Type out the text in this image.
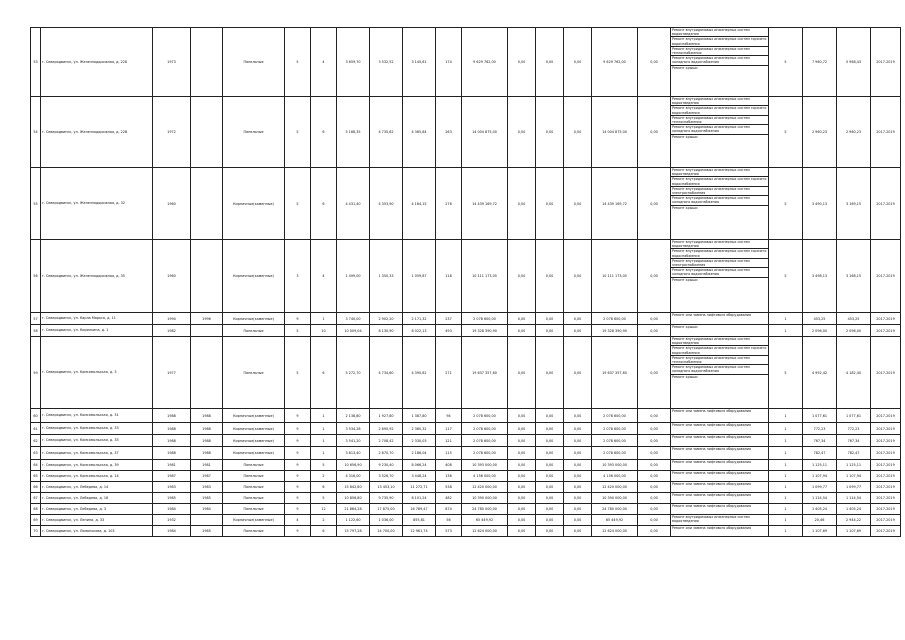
53	г. Северодвинск, ул. Железнодорожная, д. 22Б	1973		Панельные	5	4	3 659,70	3 532,52	3 145,61	174	9 629 762,00	0,00	0,00	0,00	9 629 762,00	0,00	Ремонт внутридомовых инженерных систем водоотведения
Ремонт внутридомовых инженерных систем горячего водоснабжения
Ремонт внутридомовых инженерных систем теплоснабжения
Ремонт внутридомовых инженерных систем холодного водоснабжения
Ремонт крыши	5	7 960,72	5 968,43	2017-2019
54	г. Северодвинск, ул. Железнодорожная, д. 22В	1972		Панельные	5	6	5 168,35	4 735,62	4 365,84	263	14 004 875,00	0,00	0,00	0,00	14 004 875,00	0,00	Ремонт внутридомовых инженерных систем водоотведения
Ремонт внутридомовых инженерных систем горячего водоснабжения
Ремонт внутридомовых инженерных систем теплоснабжения
Ремонт внутридомовых инженерных систем холодного водоснабжения
Ремонт крыши	5	2 960,23	2 960,23	2017-2019
55	г. Северодвинск, ул. Железнодорожная, д. 32	1960		Кирпичные(каменные)	5	6	4 431,40	4 353,90	4 164,15	276	14 439 169,72	0,00	0,00	0,00	14 439 169,72	0,00	Ремонт внутридомовых инженерных систем водоотведения
Ремонт внутридомовых инженерных систем горячего водоснабжения
Ремонт внутридомовых инженерных систем электроснабжения
Ремонт внутридомовых инженерных систем холодного водоснабжения
Ремонт крыши	5	3 490,13	3 169,15	2017-2019
56	г. Северодвинск, ул. Железнодорожная, д. 35	1960		Кирпичные(каменные)	3	4	1 499,00	1 350,33	1 059,87	118	10 111 173,05	0,00	0,00	0,00	10 111 173,05	0,00	Ремонт внутридомовых инженерных систем водоотведения
Ремонт внутридомовых инженерных систем горячего водоснабжения
Ремонт внутридомовых инженерных систем электроснабжения
Ремонт внутридомовых инженерных систем холодного водоснабжения
Ремонт крыши	5	3 498,13	3 168,15	2017-2019
57	г. Северодвинск, ул. Карла Маркса, д. 11	1994	1996	Кирпичные(каменные)	9	1	3 740,00	2 902,20	2 171,32	237	2 078 600,00	0,00	0,00	0,00	2 078 600,00	0,00	Ремонт или замена лифтового оборудования	1	453,25	453,25	2017-2019
58	г. Северодвинск, ул. Кирилкина, д. 1	1982		Панельные	5	10	10 009,04	8 130,90	8 022,13	493	19 328 390,90	0,00	0,00	0,00	19 328 390,90	0,00	Ремонт крыши	1	2 096,00	2 096,00	2017-2019
59	г. Северодвинск, ул. Комсомольская, д. 3	1977		Панельные	5	6	5 272,70	4 734,60	4 390,82	271	19 637 357,60	0,00	0,00	0,00	19 637 357,60	0,00	Ремонт внутридомовых инженерных систем водоотведения
Ремонт внутридомовых инженерных систем горячего водоснабжения
Ремонт внутридомовых инженерных систем теплоснабжения
Ремонт внутридомовых инженерных систем холодного водоснабжения
Ремонт крыши	5	4 992,42	4 182,40	2017-2019
60	г. Северодвинск, ул. Комсомольская, д. 31	1988	1988	Кирпичные(каменные)	9	1	2 138,80	1 927,80	1 387,80	94	2 078 600,00	0,00	0,00	0,00	2 078 600,00	0,00	Ремонт или замена лифтового оборудования	1	1 077,61	1 077,61	2017-2019
61	г. Северодвинск, ул. Комсомольская, д. 33	1988	1988	Кирпичные(каменные)	9	1	3 534,28	2 690,92	2 360,32	117	2 078 600,00	0,00	0,00	0,00	2 078 600,00	0,00	Ремонт или замена лифтового оборудования	1	772,23	772,23	2017-2019
62	г. Северодвинск, ул. Комсомольская, д. 35	1988	1988	Кирпичные(каменные)	9	1	3 541,20	2 708,42	2 330,03	121	2 078 600,00	0,00	0,00	0,00	2 078 600,00	0,00	Ремонт или замена лифтового оборудования	1	767,34	767,34	2017-2019
63	г. Северодвинск, ул. Комсомольская, д. 37	1988	1988	Кирпичные(каменные)	9	1	3 813,40	2 670,70	2 186,04	115	2 078 600,00	0,00	0,00	0,00	2 078 600,00	0,00	Ремонт или замена лифтового оборудования	1	782,47	782,47	2017-2019
64	г. Северодвинск, ул. Комсомольская, д. 39	1981	1981	Панельные	9	5	10 656,90	9 230,40	8 066,24	408	10 393 000,00	0,00	0,00	0,00	10 393 000,00	0,00	Ремонт или замена лифтового оборудования	1	1 125,11	1 125,11	2017-2019
65	г. Северодвинск, ул. Комсомольская, д. 14	1987	1987	Панельные	9	2	4 316,00	3 526,70	3 448,24	136	4 156 000,00	0,00	0,00	0,00	4 156 000,00	0,00	Ремонт или замена лифтового оборудования	1	1 107,94	1 107,94	2017-2019
66	г. Северодвинск, ул. Лебедева, д. 14	1983	1983	Панельные	9	6	15 842,80	13 453,10	11 272,71	538	12 420 000,00	0,00	0,00	0,00	12 420 000,00	0,00	Ремонт или замена лифтового оборудования	1	1 099,77	1 099,77	2017-2019
67	г. Северодвинск, ул. Лебедева, д. 16	1985	1985	Панельные	9	5	10 856,80	9 735,90	8 101,24	482	10 390 000,00	0,00	0,00	0,00	10 390 000,00	0,00	Ремонт или замена лифтового оборудования	1	1 114,54	1 114,54	2017-2019
68	г. Северодвинск, ул. Лебедева, д. 3	1984	1984	Панельные	9	12	21 864,28	17 875,00	16 789,47	874	24 780 000,00	0,00	0,00	0,00	24 780 000,00	0,00	Ремонт или замена лифтового оборудования	1	1 405,24	1 405,24	2017-2019
69	г. Северодвинск, ул. Ленина, д. 33	1932		Кирпичные(каменные)	4	2	1 122,60	1 036,00	855,81	56	65 449,92	0,00	0,00	0,00	65 449,92	0,00	Ремонт внутридомовых инженерных систем водоотведения	1	20,46	2 944,22	2017-2019
70	г. Северодвинск, ул. Ломоносова, д. 103	1984	1985	Панельные	9	6	15 797,28	14 700,00	12 961,74	573	12 624 000,00	0,00	0,00	0,00	12 624 000,00	0,00	Ремонт или замена лифтового оборудования	1	1 107,69	1 107,69	2017-2019
